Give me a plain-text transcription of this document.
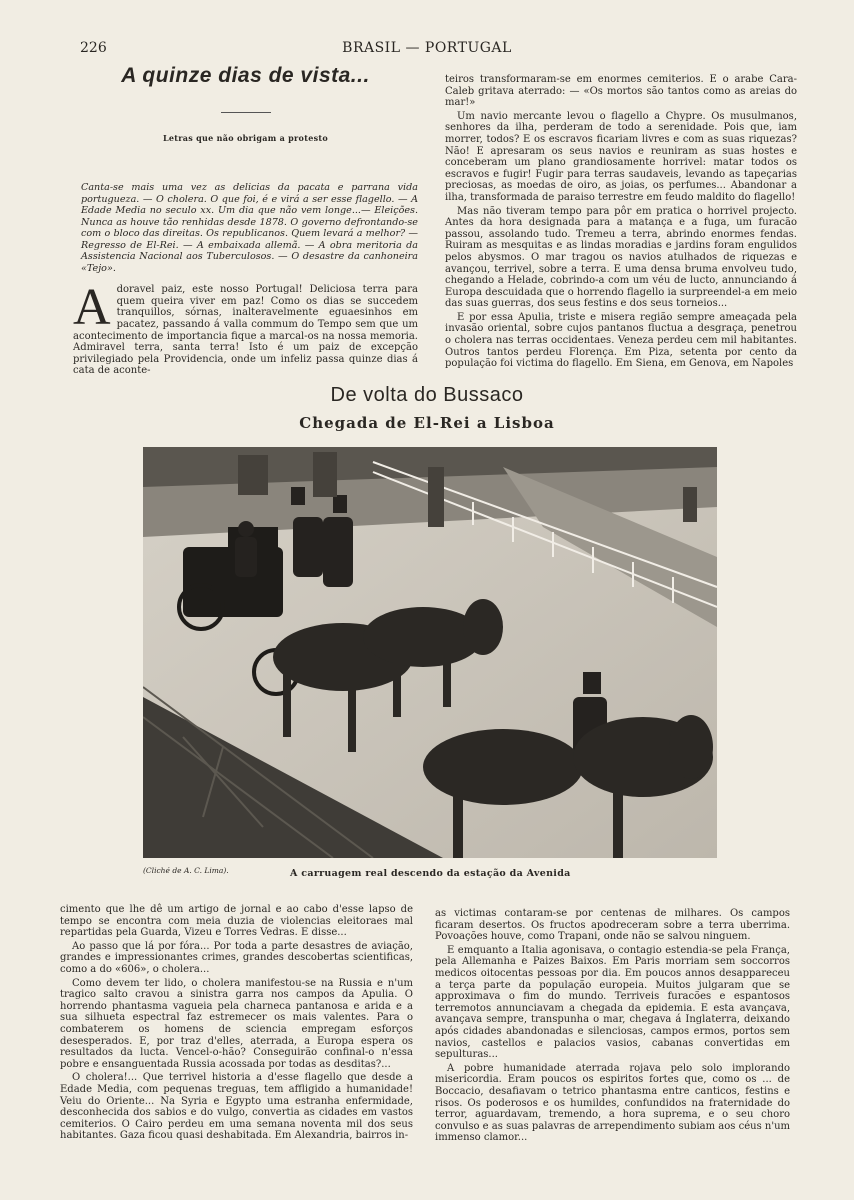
226	BRASIL — PORTUGAL
A quinze dias de vista...
Letras que não obrigam a protesto
Canta-se mais uma vez as delicias da pacata e parrana vida portugueza. — O cholera. O que foi, é e virá a ser esse flagello. — A Edade Media no seculo xx. Um dia que não vem longe...— Eleições. Nunca as houve tão renhidas desde 1878. O governo defrontando-se com o bloco das direitas. Os republicanos. Quem levará a melhor? — Regresso de El-Rei. — A embaixada allemã. — A obra meritoria da Assistencia Nacional aos Tuberculosos. — O desastre da canhoneira «Tejo».
A doravel paiz, este nosso Portugal! Deliciosa terra para quem queira viver em paz! Como os dias se succedem tranquillos, sórnas, inalteravelmente eguaesinhos em pacatez, passando á valla commum do Tempo sem que um acontecimento de importancia fique a marcal-os na nossa memoria. Admiravel terra, santa terra! Isto é um paiz de excepção privilegiado pela Providencia, onde um infeliz passa quinze dias á cata de aconte-

teiros transformaram-se em enormes cemiterios. E o arabe Cara-Caleb gritava aterrado: — «Os mortos são tantos como as areias do mar!»

Um navio mercante levou o flagello a Chypre. Os musulmanos, senhores da ilha, perderam de todo a serenidade. Pois que, iam morrer, todos? E os escravos ficariam livres e com as suas riquezas? Não! E apresaram os seus navios e reuniram as suas hostes e conceberam um plano grandiosamente horrivel: matar todos os escravos e fugir! Fugir para terras saudaveis, levando as tapeçarias preciosas, as moedas de oiro, as joias, os perfumes... Abandonar a ilha, transformada de paraiso terrestre em feudo maldito do flagello!

Mas não tiveram tempo para pôr em pratica o horrivel projecto. Antes da hora designada para a matança e a fuga, um furacão passou, assolando tudo. Tremeu a terra, abrindo enormes fendas. Ruiram as mesquitas e as lindas moradias e jardins foram engulidos pelos abysmos. O mar tragou os navios atulhados de riquezas e avançou, terrivel, sobre a terra. E uma densa bruma envolveu tudo, chegando a Helade, cobrindo-a com um véu de lucto, annunciando á Europa descuidada que o horrendo flagello ia surpreendel-a em meio das suas guerras, dos seus festins e dos seus torneios...

E por essa Apulia, triste e misera região sempre ameaçada pela invasão oriental, sobre cujos pantanos fluctua a desgraça, penetrou o cholera nas terras occidentaes. Veneza perdeu cem mil habitantes. Outros tantos perdeu Florença. Em Piza, setenta por cento da população foi victima do flagello. Em Siena, em Genova, em Napoles

De volta do Bussaco
Chegada de El-Rei a Lisboa
(Cliché de A. C. Lima).	A carruagem real descendo da estação da Avenida

cimento que lhe dê um artigo de jornal e ao cabo d'esse lapso de tempo se encontra com meia duzia de violencias eleitoraes mal repartidas pela Guarda, Vizeu e Torres Vedras. E disse...

Ao passo que lá por fóra... Por toda a parte desastres de aviação, grandes e impressionantes crimes, grandes descobertas scientificas, como a do «606», o cholera...

Como devem ter lido, o cholera manifestou-se na Russia e n'um tragico salto cravou a sinistra garra nos campos da Apulia. O horrendo phantasma vagueia pela charneca pantanosa e arida e a sua silhueta espectral faz estremecer os mais valentes. Para o combaterem os homens de sciencia empregam esforços desesperados. E, por traz d'elles, aterrada, a Europa espera os resultados da lucta. Vencel-o-hão? Conseguirão confinal-o n'essa pobre e ensanguentada Russia acossada por todas as desditas?...

O cholera!... Que terrivel historia a d'esse flagello que desde a Edade Media, com pequenas treguas, tem affligido a humanidade! Veiu do Oriente... Na Syria e Egypto uma estranha enfermidade, desconhecida dos sabios e do vulgo, convertia as cidades em vastos cemiterios. O Cairo perdeu em uma semana noventa mil dos seus habitantes. Gaza ficou quasi deshabitada. Em Alexandria, bairros in-

as victimas contaram-se por centenas de milhares. Os campos ficaram desertos. Os fructos apodreceram sobre a terra uberrima. Povoações houve, como Trapani, onde não se salvou ninguem.

E emquanto a Italia agonisava, o contagio estendia-se pela França, pela Allemanha e Paizes Baixos. Em Paris morriam sem soccorros medicos oitocentas pessoas por dia. Em poucos annos desappareceu a terça parte da população europeia. Muitos julgaram que se approximava o fim do mundo. Terriveis furacões e espantosos terremotos annunciavam a chegada da epidemia. E esta avançava, avançava sempre, transpunha o mar, chegava á Inglaterra, deixando após cidades abandonadas e silenciosas, campos ermos, portos sem navios, castellos e palacios vasios, cabanas convertidas em sepulturas...

A pobre humanidade aterrada rojava pelo solo implorando misericordia. Eram poucos os espiritos fortes que, como os ... de Boccacio, desafiavam o tetrico phantasma entre canticos, festins e risos. Os poderosos e os humildes, confundidos na fraternidade do terror, aguardavam, tremendo, a hora suprema, e o seu choro convulso e as suas palavras de arrependimento subiam aos céus n'um immenso clamor...
